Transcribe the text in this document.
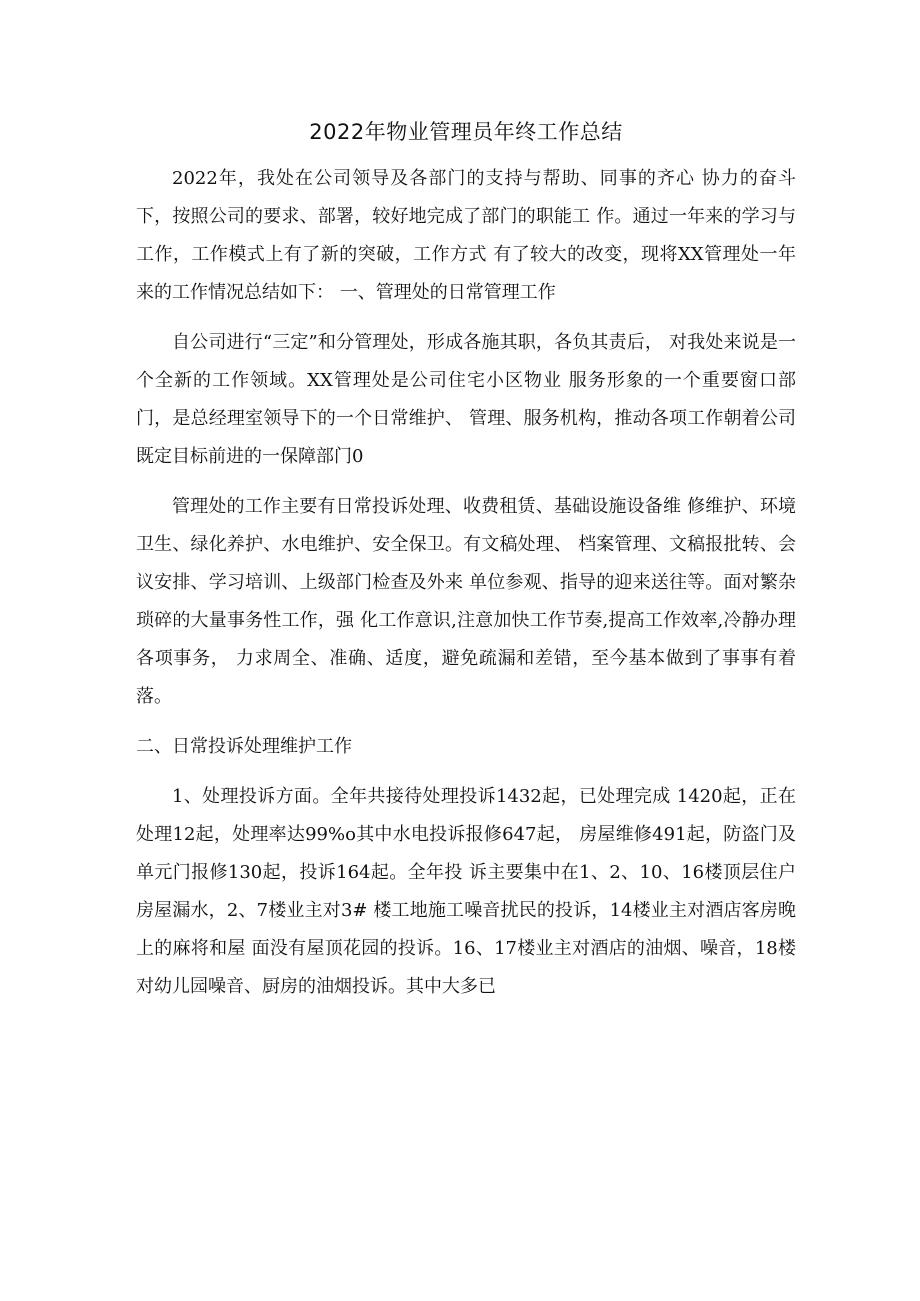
2022年物业管理员年终工作总结

2022年，我处在公司领导及各部门的支持与帮助、同事的齐心 协力的奋斗下，按照公司的要求、部署，较好地完成了部门的职能工 作。通过一年来的学习与工作，工作模式上有了新的突破，工作方式 有了较大的改变，现将XX管理处一年来的工作情况总结如下： 一、管理处的日常管理工作

自公司进行“三定”和分管理处，形成各施其职，各负其责后， 对我处来说是一个全新的工作领域。XX管理处是公司住宅小区物业 服务形象的一个重要窗口部门，是总经理室领导下的一个日常维护、 管理、服务机构，推动各项工作朝着公司既定目标前进的一保障部门0

管理处的工作主要有日常投诉处理、收费租赁、基础设施设备维 修维护、环境卫生、绿化养护、水电维护、安全保卫。有文稿处理、 档案管理、文稿报批转、会议安排、学习培训、上级部门检查及外来 单位参观、指导的迎来送往等。面对繁杂琐碎的大量事务性工作，强 化工作意识,注意加快工作节奏,提高工作效率,冷静办理各项事务， 力求周全、准确、适度，避免疏漏和差错，至今基本做到了事事有着 落。

二、日常投诉处理维护工作

1、处理投诉方面。全年共接待处理投诉1432起，已处理完成 1420起，正在处理12起，处理率达99%o其中水电投诉报修647起， 房屋维修491起，防盗门及单元门报修130起，投诉164起。全年投 诉主要集中在1、2、10、16楼顶层住户房屋漏水，2、7楼业主对3# 楼工地施工噪音扰民的投诉，14楼业主对酒店客房晚上的麻将和屋 面没有屋顶花园的投诉。16、17楼业主对酒店的油烟、噪音，18楼 对幼儿园噪音、厨房的油烟投诉。其中大多已
